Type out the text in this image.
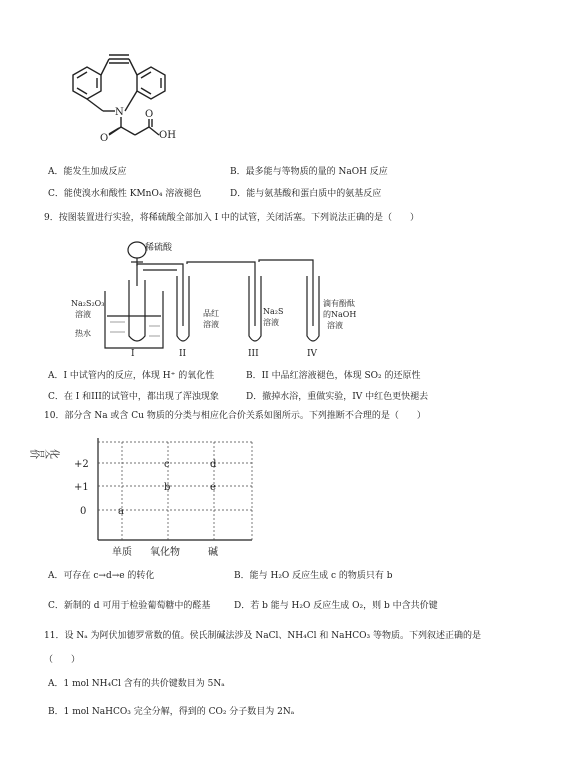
N
O	OH
O
A．能发生加成反应	B．最多能与等物质的量的 NaOH 反应
C．能使溴水和酸性 KMnO₄ 溶液褪色	D．能与氨基酸和蛋白质中的氨基反应
9．按图装置进行实验，将稀硫酸全部加入 I 中的试管，关闭活塞。下列说法正确的是（　　）
稀硫酸
Na₂S₂O₃
溶液
热水
品红
溶液
Na₂S
溶液
滴有酚酞
的NaOH
溶液
I	II	III	IV
A．I 中试管内的反应，体现 H⁺ 的氧化性	B．II 中品红溶液褪色，体现 SO₂ 的还原性
C．在 I 和III的试管中，都出现了浑浊现象	D．撤掉水浴，重做实验，IV 中红色更快褪去
10．部分含 Na 或含 Cu 物质的分类与相应化合价关系如图所示。下列推断不合理的是（　　）
化合价
+2
+1
0
单质 氧化物	碱
a
b
c	d
e
A．可存在 c→d→e 的转化	B．能与 H₂O 反应生成 c 的物质只有 b
C．新制的 d 可用于检验葡萄糖中的醛基	D．若 b 能与 H₂O 反应生成 O₂，则 b 中含共价键
11．设 Nₐ 为阿伏加德罗常数的值。侯氏制碱法涉及 NaCl、NH₄Cl 和 NaHCO₃ 等物质。下列叙述正确的是
（　　）
A．1 mol NH₄Cl 含有的共价键数目为 5Nₐ
B．1 mol NaHCO₃ 完全分解，得到的 CO₂ 分子数目为 2Nₐ
